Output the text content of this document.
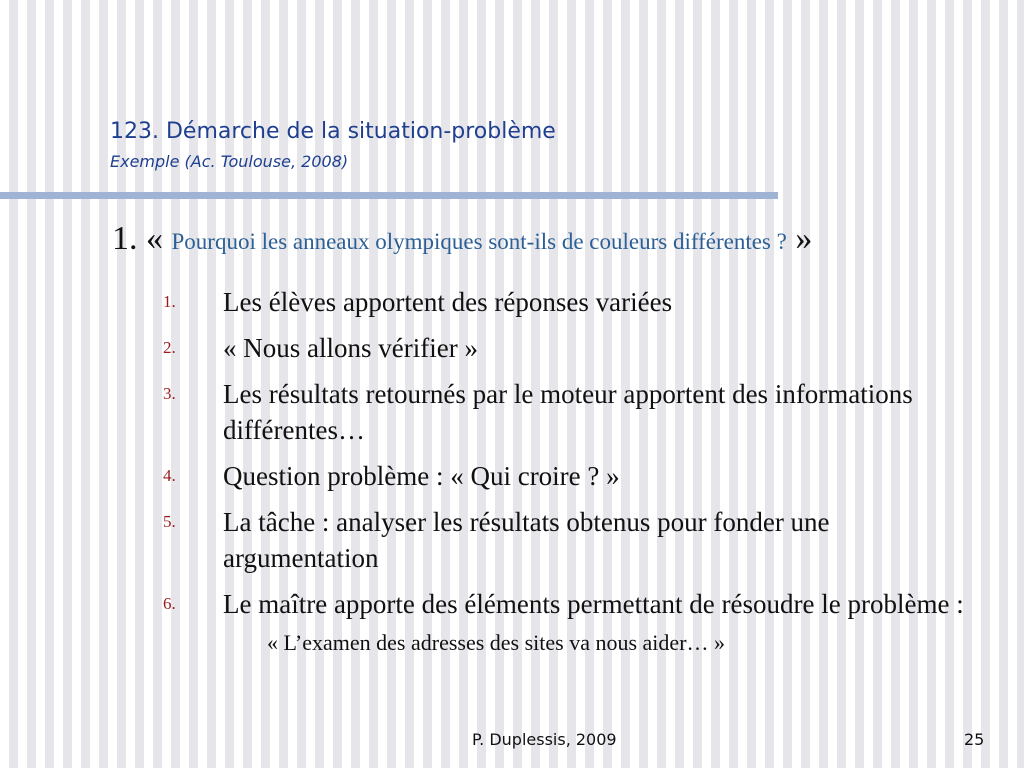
123. Démarche de la situation-problème
Exemple (Ac. Toulouse, 2008)
1. « Pourquoi les anneaux olympiques sont-ils de couleurs différentes ? »
1. Les élèves apportent des réponses variées
2. « Nous allons vérifier »
3. Les résultats retournés par le moteur apportent des informations différentes…
4. Question problème : « Qui croire ? »
5. La tâche : analyser les résultats obtenus pour fonder une argumentation
6. Le maître apporte des éléments permettant de résoudre le problème :
« L’examen des adresses des sites va nous aider… »
P. Duplessis, 2009	25
